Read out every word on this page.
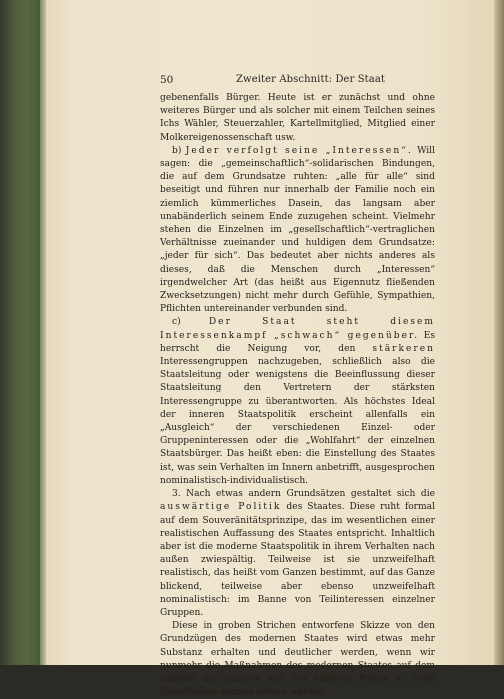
50	Zweiter Abschnitt: Der Staat

gebenenfalls Bürger. Heute ist er zunächst und ohne weiteres Bürger und als solcher mit einem Teilchen seines Ichs Wähler, Steuerzahler, Kartellmitglied, Mitglied einer Molkereigenossenschaft usw.

b) Jeder verfolgt seine „Interessen“. Will sagen: die „gemeinschaftlich“-solidarischen Bindungen, die auf dem Grundsatze ruhten: „alle für alle“ sind beseitigt und führen nur innerhalb der Familie noch ein ziemlich kümmerliches Dasein, das langsam aber unabänderlich seinem Ende zuzugehen scheint. Vielmehr stehen die Einzelnen im „gesellschaftlich“-vertraglichen Verhältnisse zueinander und huldigen dem Grundsatze: „jeder für sich“. Das bedeutet aber nichts anderes als dieses, daß die Menschen durch „Interessen“ irgendwelcher Art (das heißt aus Eigennutz fließenden Zwecksetzungen) nicht mehr durch Gefühle, Sympathien, Pflichten untereinander verbunden sind.

c) Der Staat steht diesem Interessenkampf „schwach“ gegenüber. Es herrscht die Neigung vor, den stärkeren Interessengruppen nachzugeben, schließlich also die Staatsleitung oder wenigstens die Beeinflussung dieser Staatsleitung den Vertretern der stärksten Interessengruppe zu überantworten. Als höchstes Ideal der inneren Staatspolitik erscheint allenfalls ein „Ausgleich“ der verschiedenen Einzel- oder Gruppeninteressen oder die „Wohlfahrt“ der einzelnen Staatsbürger. Das heißt eben: die Einstellung des Staates ist, was sein Verhalten im Innern anbetrifft, ausgesprochen nominalistisch-individualistisch.

3. Nach etwas andern Grundsätzen gestaltet sich die auswärtige Politik des Staates. Diese ruht formal auf dem Souveränitätsprinzipe, das im wesentlichen einer realistischen Auffassung des Staates entspricht. Inhaltlich aber ist die moderne Staatspolitik in ihrem Verhalten nach außen zwiespältig. Teilweise ist sie unzweifelhaft realistisch, das heißt vom Ganzen bestimmt, auf das Ganze blickend, teilweise aber ebenso unzweifelhaft nominalistisch: im Banne von Teilinteressen einzelner Gruppen.

Diese in groben Strichen entworfene Skizze von den Grundzügen des modernen Staates wird etwas mehr Substanz erhalten und deutlicher werden, wenn wir nunmehr die Maßnahmen des modernen Staates auf dem Gebiete der inneren und der äußeren Politik in ihren Einzelheiten kennen lernen werden.
